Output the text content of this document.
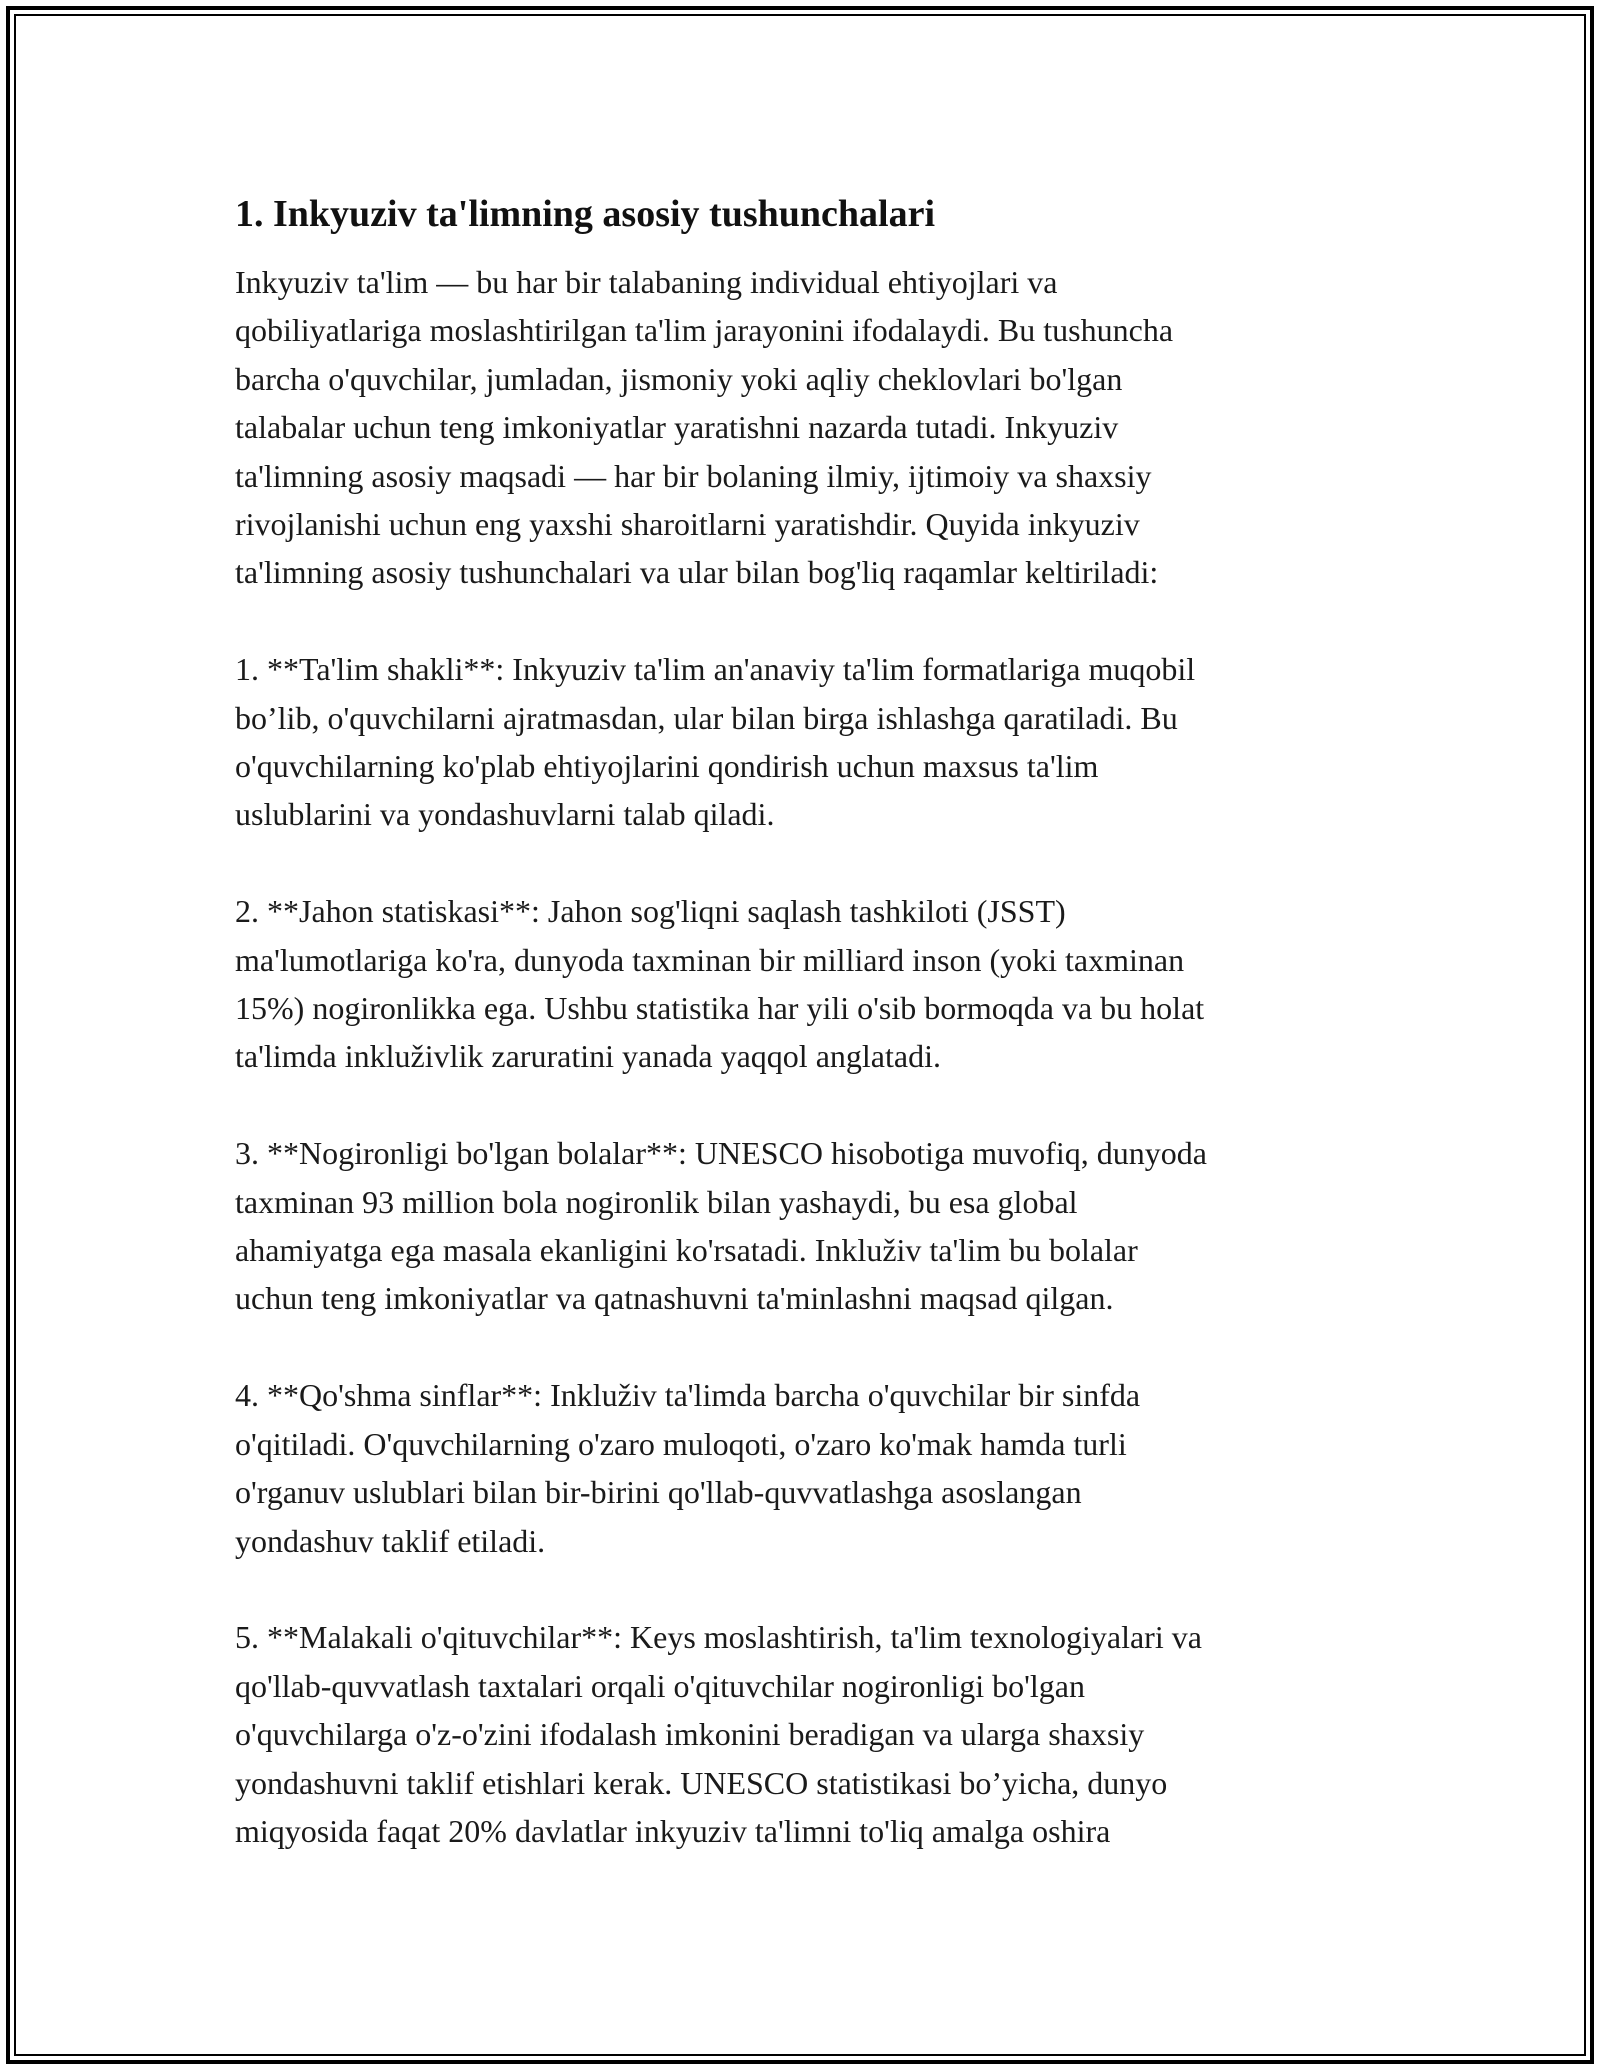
1. Inkyuziv ta'limning asosiy tushunchalari
Inkyuziv ta'lim — bu har bir talabaning individual ehtiyojlari va
qobiliyatlariga moslashtirilgan ta'lim jarayonini ifodalaydi. Bu tushuncha
barcha o'quvchilar, jumladan, jismoniy yoki aqliy cheklovlari bo'lgan
talabalar uchun teng imkoniyatlar yaratishni nazarda tutadi. Inkyuziv
ta'limning asosiy maqsadi — har bir bolaning ilmiy, ijtimoiy va shaxsiy
rivojlanishi uchun eng yaxshi sharoitlarni yaratishdir. Quyida inkyuziv
ta'limning asosiy tushunchalari va ular bilan bog'liq raqamlar keltiriladi:
1. **Ta'lim shakli**: Inkyuziv ta'lim an'anaviy ta'lim formatlariga muqobil
bo’lib, o'quvchilarni ajratmasdan, ular bilan birga ishlashga qaratiladi. Bu
o'quvchilarning ko'plab ehtiyojlarini qondirish uchun maxsus ta'lim
uslublarini va yondashuvlarni talab qiladi.
2. **Jahon statiskasi**: Jahon sog'liqni saqlash tashkiloti (JSST)
ma'lumotlariga ko'ra, dunyoda taxminan bir milliard inson (yoki taxminan
15%) nogironlikka ega. Ushbu statistika har yili o'sib bormoqda va bu holat
ta'limda inkluživlik zaruratini yanada yaqqol anglatadi.
3. **Nogironligi bo'lgan bolalar**: UNESCO hisobotiga muvofiq, dunyoda
taxminan 93 million bola nogironlik bilan yashaydi, bu esa global
ahamiyatga ega masala ekanligini ko'rsatadi. Inkluživ ta'lim bu bolalar
uchun teng imkoniyatlar va qatnashuvni ta'minlashni maqsad qilgan.
4. **Qo'shma sinflar**: Inkluživ ta'limda barcha o'quvchilar bir sinfda
o'qitiladi. O'quvchilarning o'zaro muloqoti, o'zaro ko'mak hamda turli
o'rganuv uslublari bilan bir-birini qo'llab-quvvatlashga asoslangan
yondashuv taklif etiladi.
5. **Malakali o'qituvchilar**: Keys moslashtirish, ta'lim texnologiyalari va
qo'llab-quvvatlash taxtalari orqali o'qituvchilar nogironligi bo'lgan
o'quvchilarga o'z-o'zini ifodalash imkonini beradigan va ularga shaxsiy
yondashuvni taklif etishlari kerak. UNESCO statistikasi bo’yicha, dunyo
miqyosida faqat 20% davlatlar inkyuziv ta'limni to'liq amalga oshira
